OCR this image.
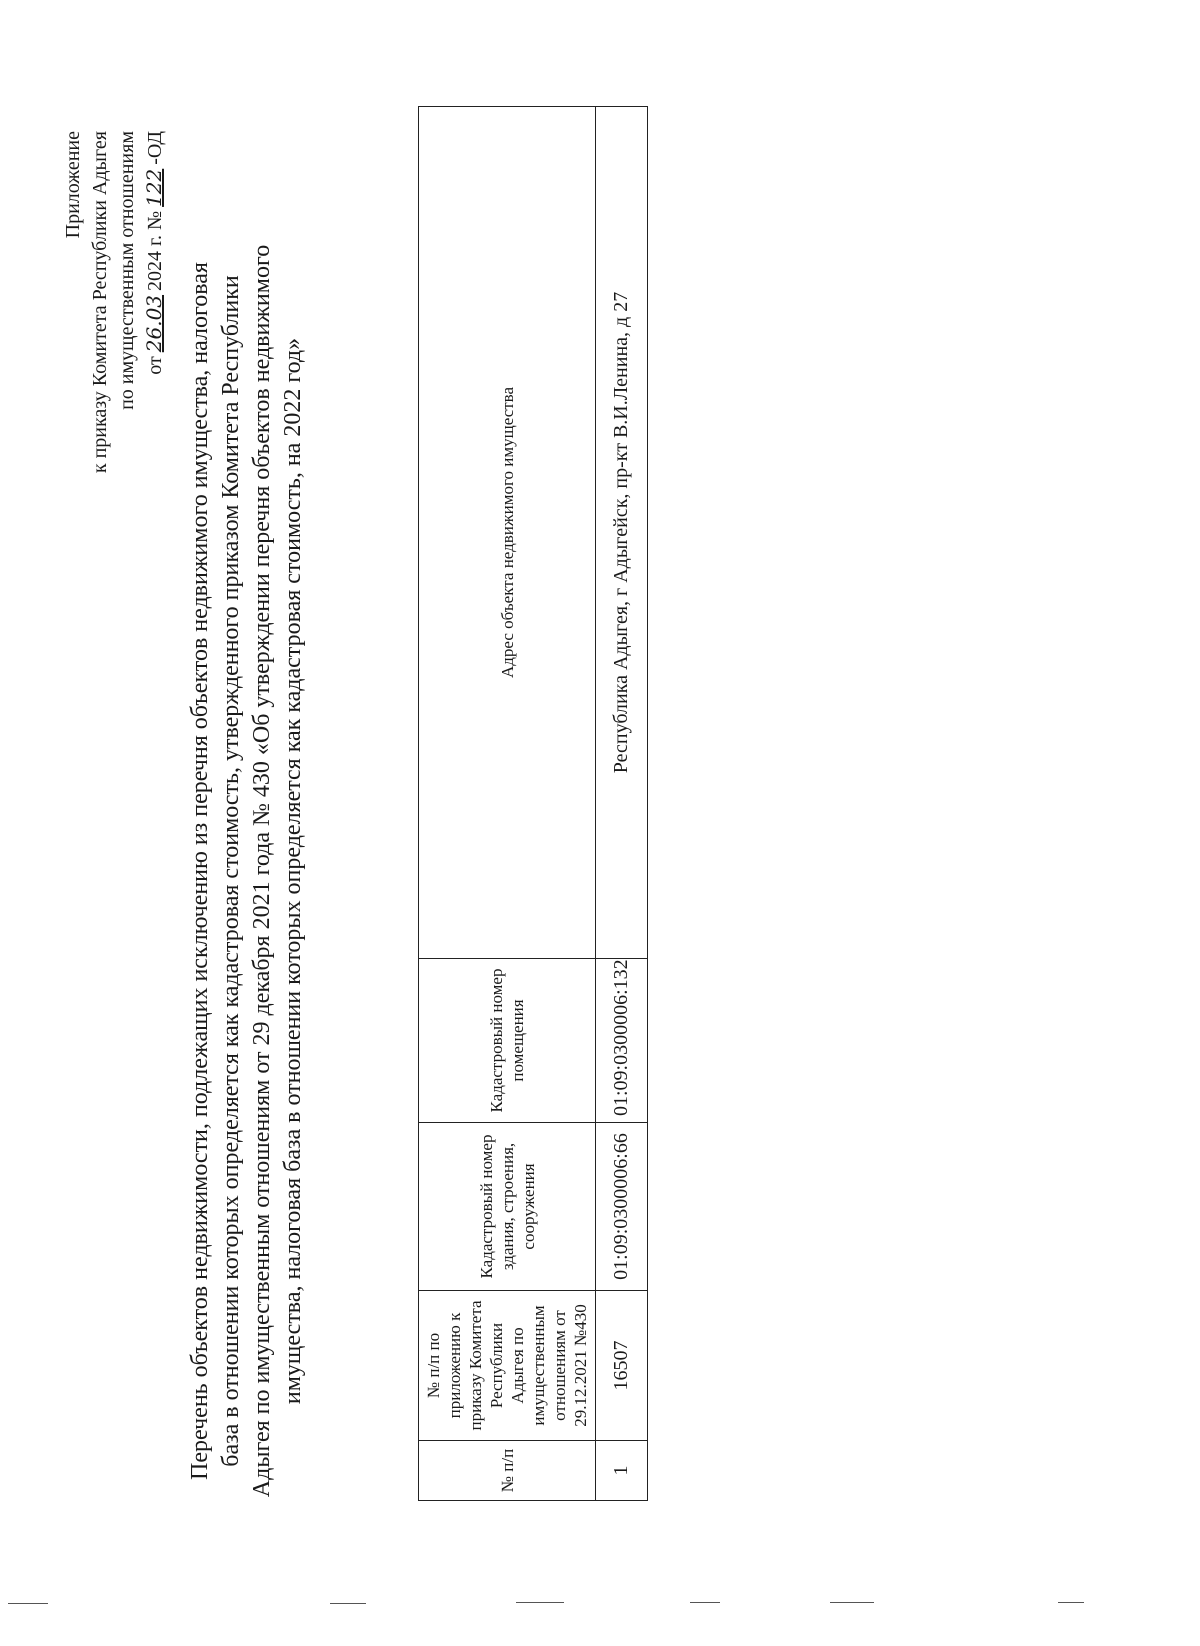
Приложение к приказу Комитета Республики Адыгея по имущественным отношениям от26.032024 г. №122-ОД
Перечень объектов недвижимости, подлежащих исключению из перечня объектов недвижимого имущества, налоговая база в отношении которых определяется как кадастровая стоимость, утвержденного приказом Комитета Республики Адыгея по имущественным отношениям от 29 декабря 2021 года № 430 «Об утверждении перечня объектов недвижимого имущества, налоговая база в отношении которых определяется как кадастровая стоимость, на 2022 год»
№ п/п	№ п/п по приложению к приказу Комитета Республики Адыгея по имущественным отношениям от 29.12.2021 №430	Кадастровый номер здания, строения, сооружения	Кадастровый номер помещения	Адрес объекта недвижимого имущества
1	16507	01:09:0300006:66	01:09:0300006:132	Республика Адыгея, г Адыгейск, пр-кт В.И.Ленина, д 27
